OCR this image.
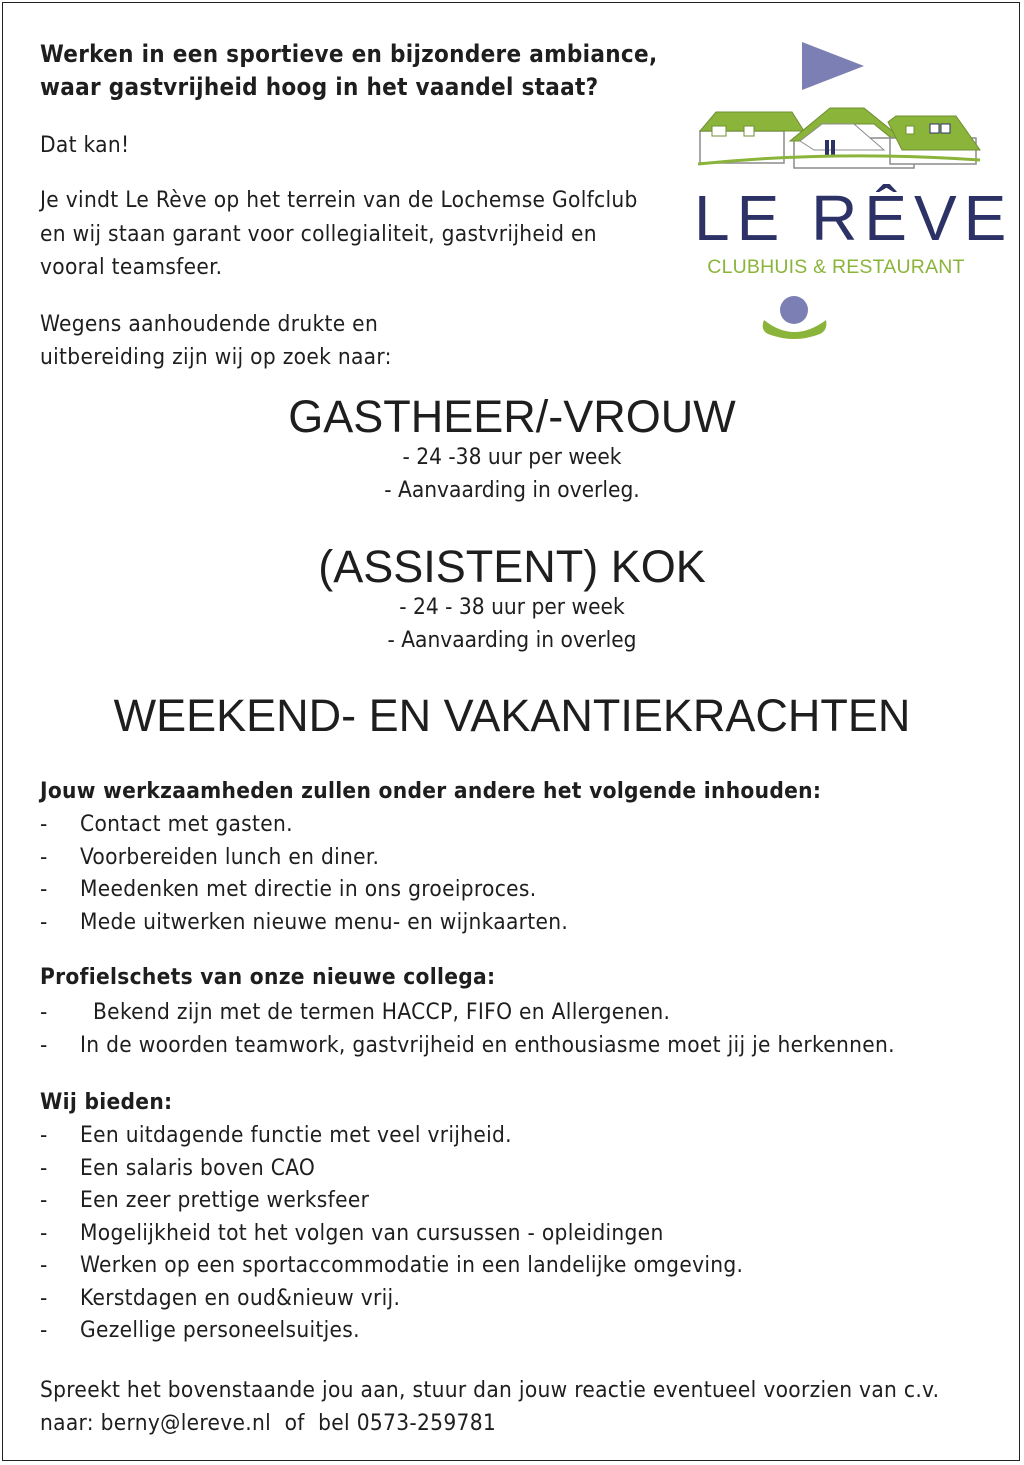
Werken in een sportieve en bijzondere ambiance,
waar gastvrijheid hoog in het vaandel staat?
Dat kan!
Je vindt Le Rève op het terrein van de Lochemse Golfclub
en wij staan garant voor collegialiteit, gastvrijheid en
vooral teamsfeer.
Wegens aanhoudende drukte en
uitbereiding zijn wij op zoek naar:
LE RÊVE
CLUBHUIS & RESTAURANT
GASTHEER/-VROUW
- 24 -38 uur per week
- Aanvaarding in overleg.
(ASSISTENT) KOK
- 24 - 38 uur per week
- Aanvaarding in overleg
WEEKEND- EN VAKANTIEKRACHTEN
Jouw werkzaamheden zullen onder andere het volgende inhouden:
- Contact met gasten.
- Voorbereiden lunch en diner.
- Meedenken met directie in ons groeiproces.
- Mede uitwerken nieuwe menu- en wijnkaarten.
Profielschets van onze nieuwe collega:
- Bekend zijn met de termen HACCP, FIFO en Allergenen.
- In de woorden teamwork, gastvrijheid en enthousiasme moet jij je herkennen.
Wij bieden:
- Een uitdagende functie met veel vrijheid.
- Een salaris boven CAO
- Een zeer prettige werksfeer
- Mogelijkheid tot het volgen van cursussen - opleidingen
- Werken op een sportaccommodatie in een landelijke omgeving.
- Kerstdagen en oud&nieuw vrij.
- Gezellige personeelsuitjes.
Spreekt het bovenstaande jou aan, stuur dan jouw reactie eventueel voorzien van c.v.
naar: berny@lereve.nl  of  bel 0573-259781
